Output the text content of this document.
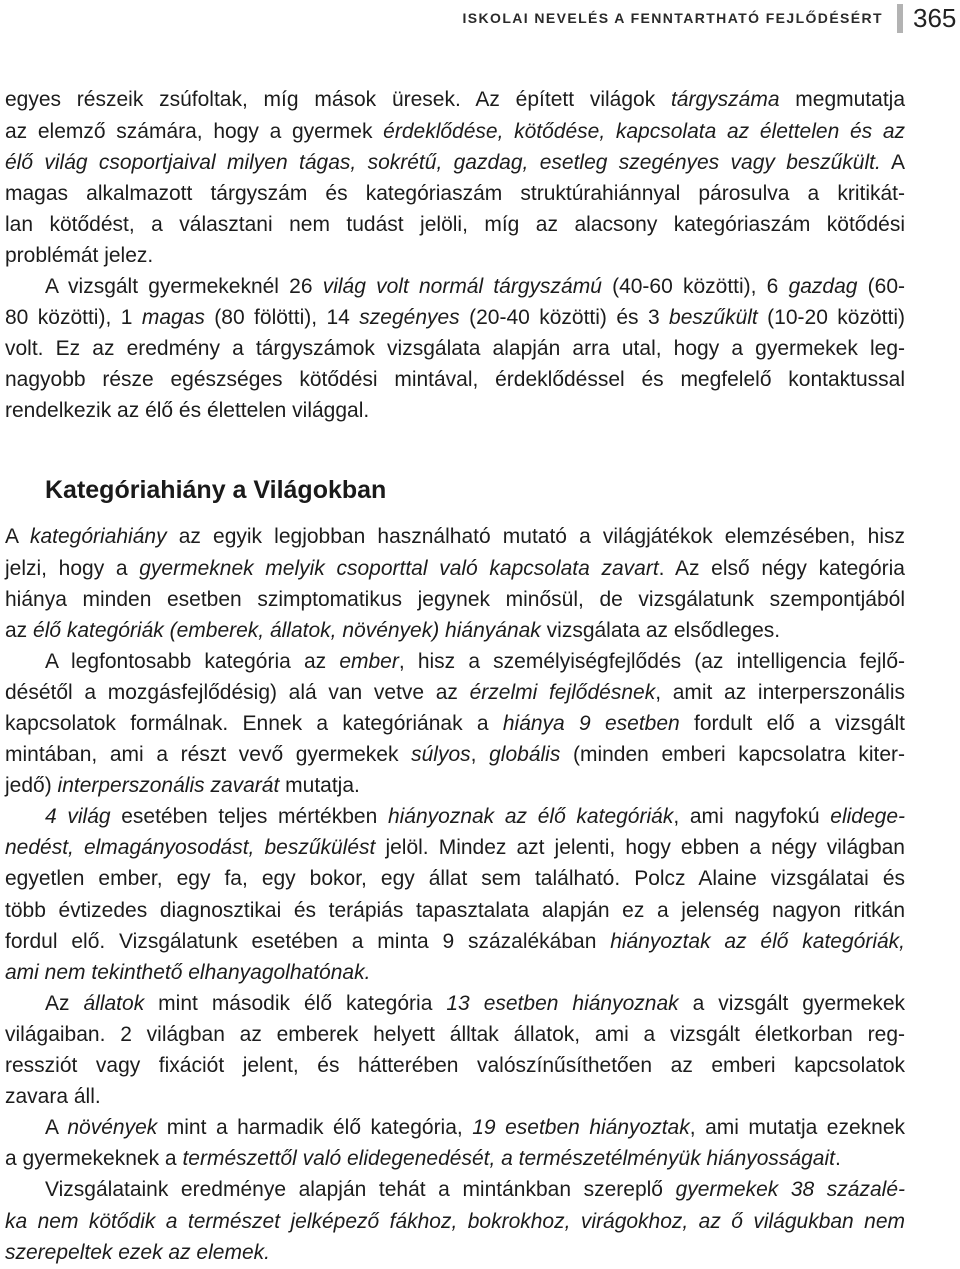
ISKOLAI NEVELÉS A FENNTARTHATÓ FEJLŐDÉSÉRT 365
egyes részeik zsúfoltak, míg mások üresek. Az épített világok tárgyszáma megmutatja
az elemző számára, hogy a gyermek érdeklődése, kötődése, kapcsolata az élettelen és az
élő világ csoportjaival milyen tágas, sokrétű, gazdag, esetleg szegényes vagy beszűkült. A
magas alkalmazott tárgyszám és kategóriaszám struktúrahiánnyal párosulva a kritikát-
lan kötődést, a választani nem tudást jelöli, míg az alacsony kategóriaszám kötődési
problémát jelez.
A vizsgált gyermekeknél 26 világ volt normál tárgyszámú (40-60 közötti), 6 gazdag (60-
80 közötti), 1 magas (80 fölötti), 14 szegényes (20-40 közötti) és 3 beszűkült (10-20 közötti)
volt. Ez az eredmény a tárgyszámok vizsgálata alapján arra utal, hogy a gyermekek leg-
nagyobb része egészséges kötődési mintával, érdeklődéssel és megfelelő kontaktussal
rendelkezik az élő és élettelen világgal.
Kategóriahiány a Világokban
A kategóriahiány az egyik legjobban használható mutató a világjátékok elemzésében, hisz
jelzi, hogy a gyermeknek melyik csoporttal való kapcsolata zavart. Az első négy kategória
hiánya minden esetben szimptomatikus jegynek minősül, de vizsgálatunk szempontjából
az élő kategóriák (emberek, állatok, növények) hiányának vizsgálata az elsődleges.
A legfontosabb kategória az ember, hisz a személyiségfejlődés (az intelligencia fejlő-
désétől a mozgásfejlődésig) alá van vetve az érzelmi fejlődésnek, amit az interperszonális
kapcsolatok formálnak. Ennek a kategóriának a hiánya 9 esetben fordult elő a vizsgált
mintában, ami a részt vevő gyermekek súlyos, globális (minden emberi kapcsolatra kiter-
jedő) interperszonális zavarát mutatja.
4 világ esetében teljes mértékben hiányoznak az élő kategóriák, ami nagyfokú elidege-
nedést, elmagányosodást, beszűkülést jelöl. Mindez azt jelenti, hogy ebben a négy világban
egyetlen ember, egy fa, egy bokor, egy állat sem található. Polcz Alaine vizsgálatai és
több évtizedes diagnosztikai és terápiás tapasztalata alapján ez a jelenség nagyon ritkán
fordul elő. Vizsgálatunk esetében a minta 9 százalékában hiányoztak az élő kategóriák,
ami nem tekinthető elhanyagolhatónak.
Az állatok mint második élő kategória 13 esetben hiányoznak a vizsgált gyermekek
világaiban. 2 világban az emberek helyett álltak állatok, ami a vizsgált életkorban reg-
ressziót vagy fixációt jelent, és hátterében valószínűsíthetően az emberi kapcsolatok
zavara áll.
A növények mint a harmadik élő kategória, 19 esetben hiányoztak, ami mutatja ezeknek
a gyermekeknek a természettől való elidegenedését, a természetélményük hiányosságait.
Vizsgálataink eredménye alapján tehát a mintánkban szereplő gyermekek 38 százalé-
ka nem kötődik a természet jelképező fákhoz, bokrokhoz, virágokhoz, az ő világukban nem
szerepeltek ezek az elemek.
